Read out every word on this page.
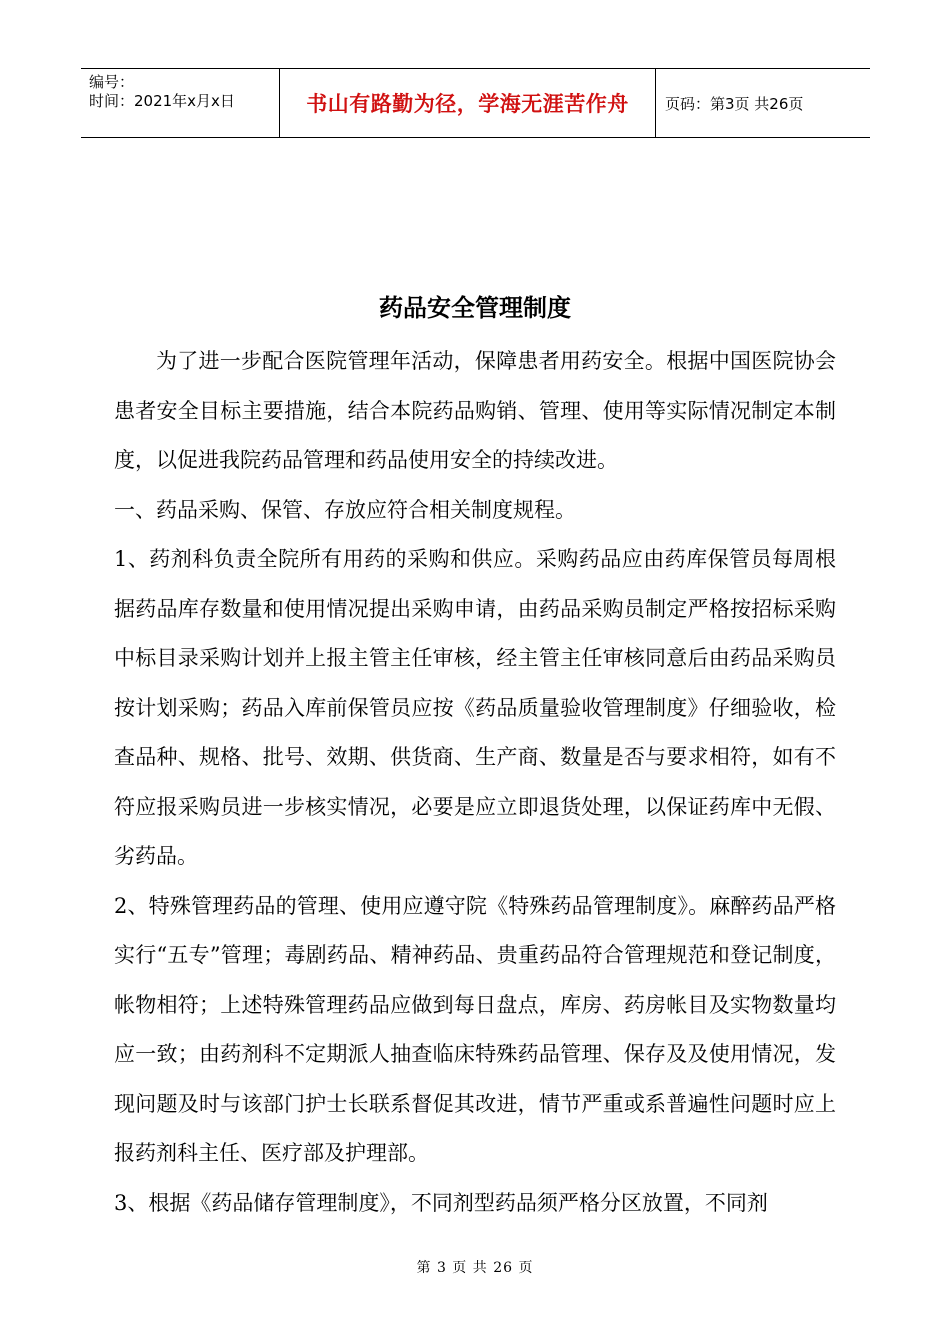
编号：
时间：2021年x月x日	书山有路勤为径，学海无涯苦作舟	页码：第3页 共26页
药品安全管理制度

为了进一步配合医院管理年活动，保障患者用药安全。根据中国医院协会患者安全目标主要措施，结合本院药品购销、管理、使用等实际情况制定本制度，以促进我院药品管理和药品使用安全的持续改进。

一、药品采购、保管、存放应符合相关制度规程。

1、药剂科负责全院所有用药的采购和供应。采购药品应由药库保管员每周根据药品库存数量和使用情况提出采购申请，由药品采购员制定严格按招标采购中标目录采购计划并上报主管主任审核，经主管主任审核同意后由药品采购员按计划采购；药品入库前保管员应按《药品质量验收管理制度》仔细验收，检查品种、规格、批号、效期、供货商、生产商、数量是否与要求相符，如有不符应报采购员进一步核实情况，必要是应立即退货处理，以保证药库中无假、劣药品。

2、特殊管理药品的管理、使用应遵守院《特殊药品管理制度》。麻醉药品严格实行“五专”管理；毒剧药品、精神药品、贵重药品符合管理规范和登记制度，帐物相符；上述特殊管理药品应做到每日盘点，库房、药房帐目及实物数量均应一致；由药剂科不定期派人抽查临床特殊药品管理、保存及及使用情况，发现问题及时与该部门护士长联系督促其改进，情节严重或系普遍性问题时应上报药剂科主任、医疗部及护理部。

3、根据《药品储存管理制度》，不同剂型药品须严格分区放置，不同剂

第 3 页 共 26 页
